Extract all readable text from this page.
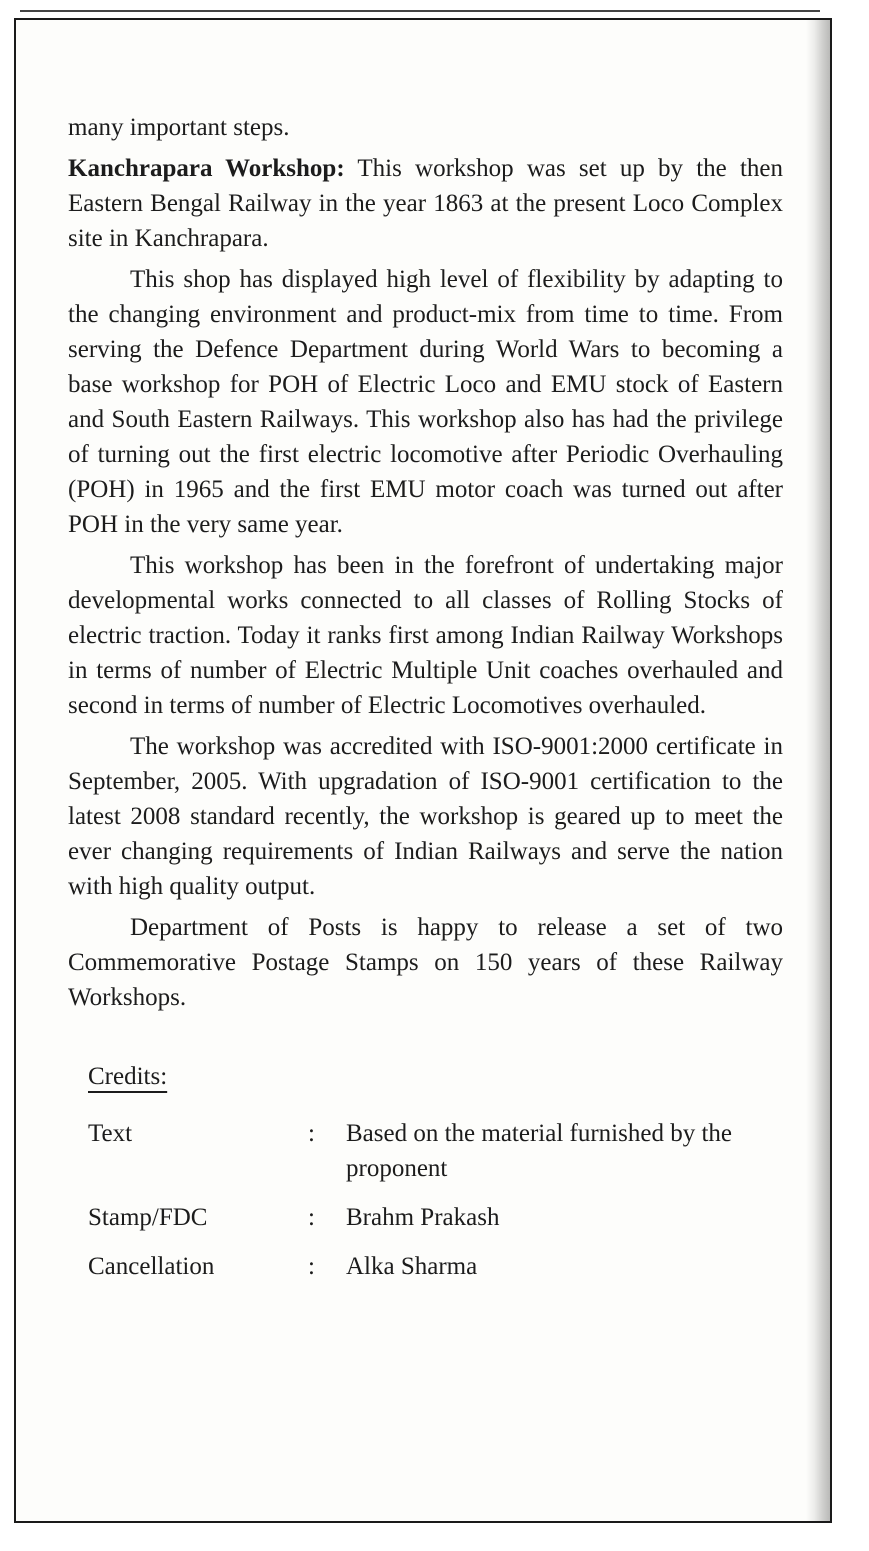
many important steps.

Kanchrapara Workshop: This workshop was set up by the then Eastern Bengal Railway in the year 1863 at the present Loco Complex site in Kanchrapara.

This shop has displayed high level of flexibility by adapting to the changing environment and product-mix from time to time. From serving the Defence Department during World Wars to becoming a base workshop for POH of Electric Loco and EMU stock of Eastern and South Eastern Railways. This workshop also has had the privilege of turning out the first electric locomotive after Periodic Overhauling (POH) in 1965 and the first EMU motor coach was turned out after POH in the very same year.

This workshop has been in the forefront of undertaking major developmental works connected to all classes of Rolling Stocks of electric traction. Today it ranks first among Indian Railway Workshops in terms of number of Electric Multiple Unit coaches overhauled and second in terms of number of Electric Locomotives overhauled.

The workshop was accredited with ISO-9001:2000 certificate in September, 2005. With upgradation of ISO-9001 certification to the latest 2008 standard recently, the workshop is geared up to meet the ever changing requirements of Indian Railways and serve the nation with high quality output.

Department of Posts is happy to release a set of two Commemorative Postage Stamps on 150 years of these Railway Workshops.

Credits:
Text	:	Based on the material furnished by the proponent
Stamp/FDC	:	Brahm Prakash
Cancellation	:	Alka Sharma
